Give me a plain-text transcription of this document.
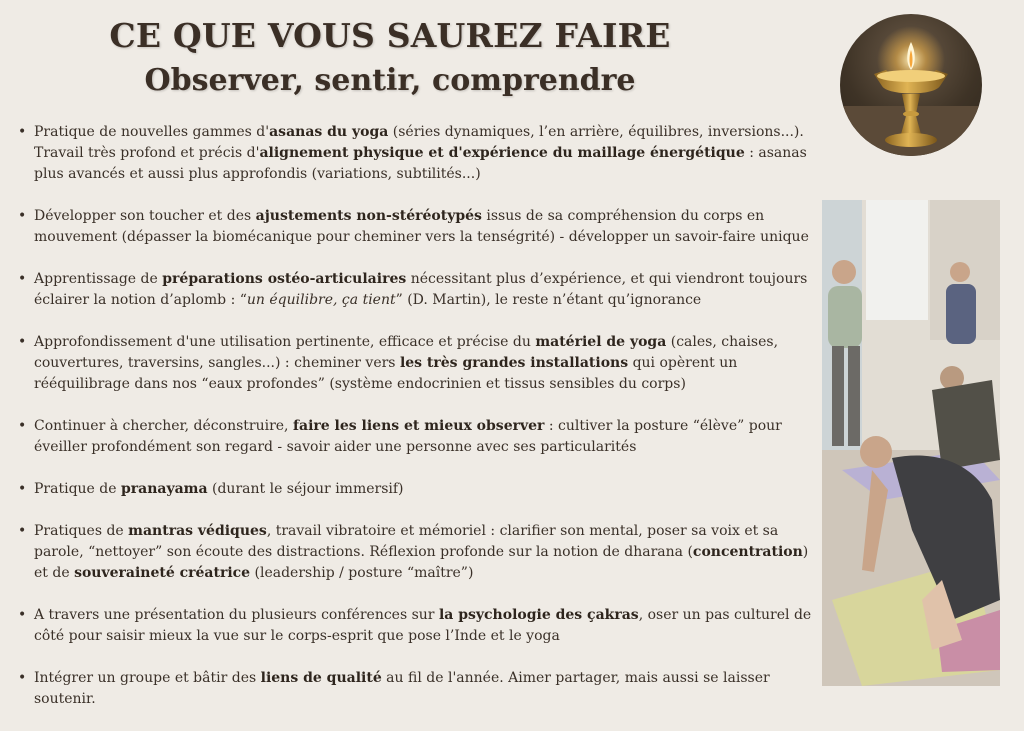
CE QUE VOUS SAUREZ FAIRE
Observer, sentir, comprendre
• Pratique de nouvelles gammes d'asanas du yoga (séries dynamiques, l’en arrière, équilibres, inversions...). Travail très profond et précis d'alignement physique et d'expérience du maillage énergétique : asanas plus avancés et aussi plus approfondis (variations, subtilités...)
• Développer son toucher et des ajustements non-stéréotypés issus de sa compréhension du corps en mouvement (dépasser la biomécanique pour cheminer vers la tenségrité) - développer un savoir-faire unique
• Apprentissage de préparations ostéo-articulaires nécessitant plus d’expérience, et qui viendront toujours éclairer la notion d’aplomb : “un équilibre, ça tient” (D. Martin), le reste n’étant qu’ignorance
• Approfondissement d'une utilisation pertinente, efficace et précise du matériel de yoga (cales, chaises, couvertures, traversins, sangles...) : cheminer vers les très grandes installations qui opèrent un rééquilibrage dans nos “eaux profondes” (système endocrinien et tissus sensibles du corps)
• Continuer à chercher, déconstruire, faire les liens et mieux observer : cultiver la posture “élève” pour éveiller profondément son regard - savoir aider une personne avec ses particularités
• Pratique de pranayama (durant le séjour immersif)
• Pratiques de mantras védiques, travail vibratoire et mémoriel : clarifier son mental, poser sa voix et sa parole, “nettoyer” son écoute des distractions. Réflexion profonde sur la notion de dharana (concentration) et de souveraineté créatrice (leadership / posture “maître”)
• A travers une présentation du plusieurs conférences sur la psychologie des çakras, oser un pas culturel de côté pour saisir mieux la vue sur le corps-esprit que pose l’Inde et le yoga
• Intégrer un groupe et bâtir des liens de qualité au fil de l'année. Aimer partager, mais aussi se laisser soutenir.
